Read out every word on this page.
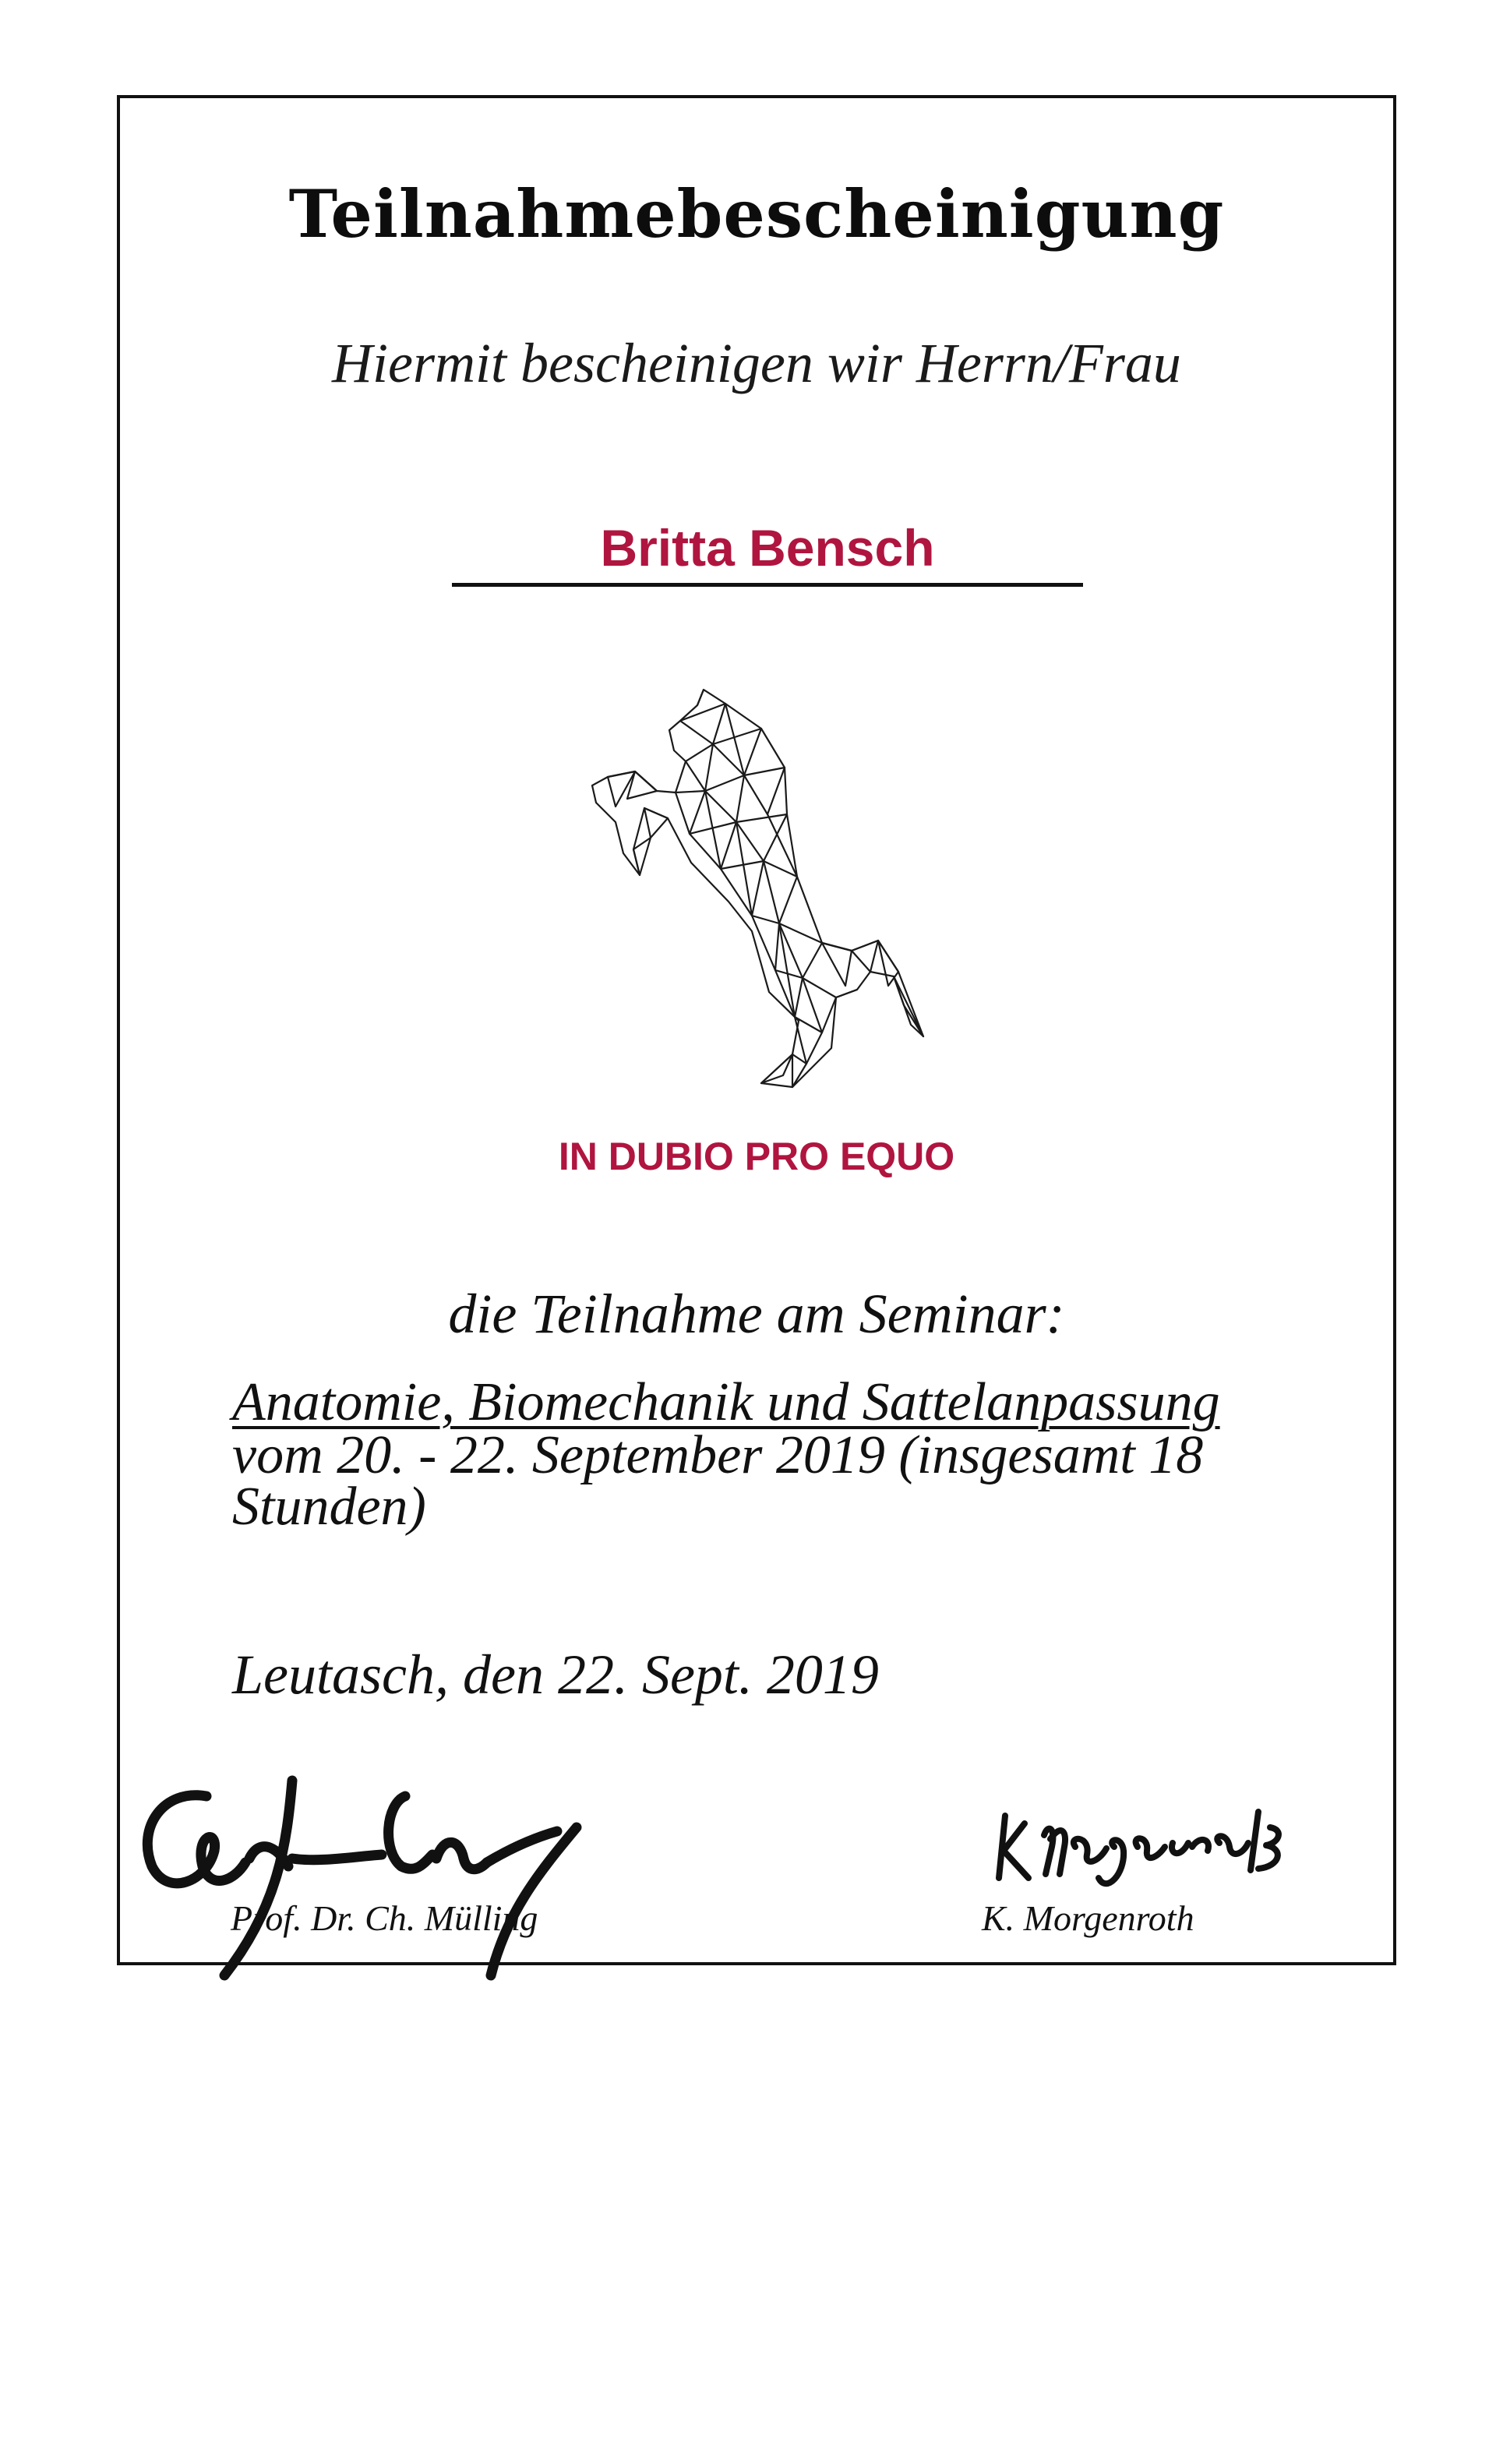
Teilnahmebescheinigung
Hiermit bescheinigen wir Herrn/Frau
Britta Bensch
IN DUBIO PRO EQUO
die Teilnahme am Seminar:
Anatomie, Biomechanik und Sattelanpassung
vom 20. - 22. September 2019 (insgesamt 18 Stunden)
Leutasch, den 22. Sept. 2019
Prof. Dr. Ch. Mülling	K. Morgenroth
